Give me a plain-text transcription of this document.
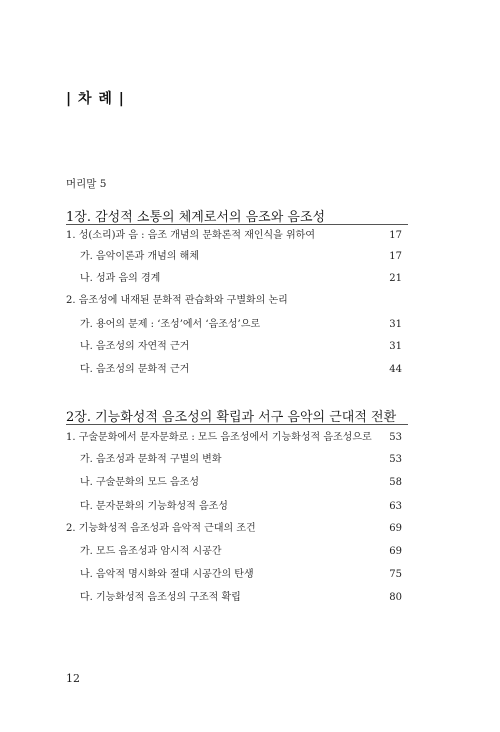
| 차 례 |
머리말 5
1장. 감성적 소통의 체계로서의 음조와 음조성
1. 성(소리)과 음 : 음조 개념의 문화론적 재인식을 위하여	17
가. 음악이론과 개념의 해체	17
나. 성과 음의 경계	21
2. 음조성에 내재된 문화적 관습화와 구별화의 논리
가. 용어의 문제 : ‘조성’에서 ‘음조성’으로	31
나. 음조성의 자연적 근거	31
다. 음조성의 문화적 근거	44
2장. 기능화성적 음조성의 확립과 서구 음악의 근대적 전환
1. 구술문화에서 문자문화로 : 모드 음조성에서 기능화성적 음조성으로 53
가. 음조성과 문화적 구별의 변화	53
나. 구술문화의 모드 음조성	58
다. 문자문화의 기능화성적 음조성	63
2. 기능화성적 음조성과 음악적 근대의 조건	69
가. 모드 음조성과 암시적 시공간	69
나. 음악적 명시화와 절대 시공간의 탄생	75
다. 기능화성적 음조성의 구조적 확립	80
12
